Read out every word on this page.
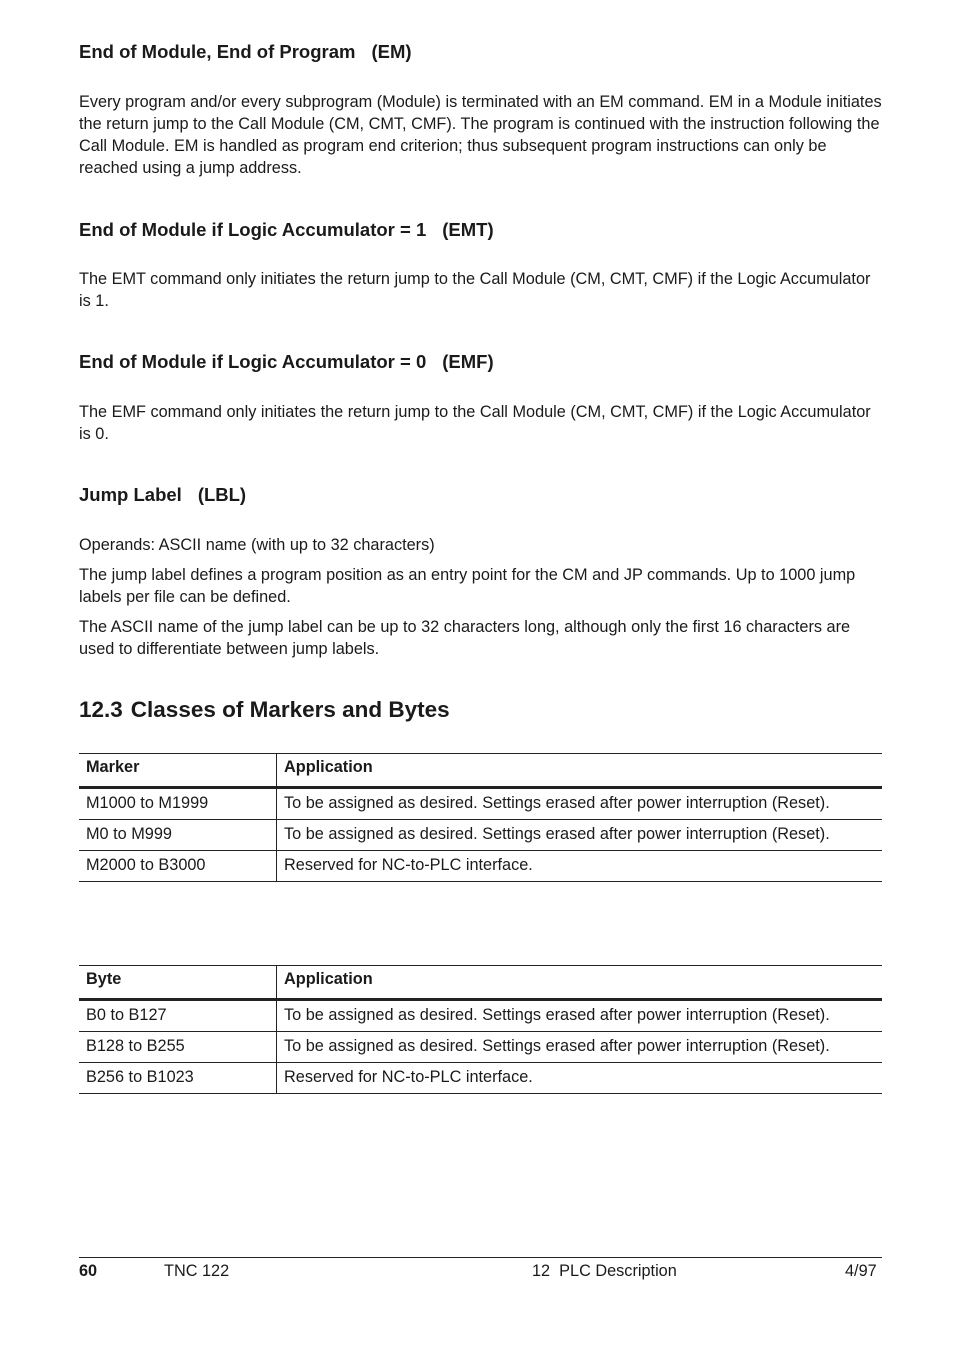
End of Module, End of Program (EM)

Every program and/or every subprogram (Module) is terminated with an EM command. EM in a Module initiates the return jump to the Call Module (CM, CMT, CMF). The program is continued with the instruction following the Call Module. EM is handled as program end criterion; thus subsequent program instructions can only be reached using a jump address.

End of Module if Logic Accumulator = 1 (EMT)

The EMT command only initiates the return jump to the Call Module (CM, CMT, CMF) if the Logic Accumulator is 1.

End of Module if Logic Accumulator = 0 (EMF)

The EMF command only initiates the return jump to the Call Module (CM, CMT, CMF) if the Logic Accumulator is 0.

Jump Label (LBL)

Operands: ASCII name (with up to 32 characters)

The jump label defines a program position as an entry point for the CM and JP commands. Up to 1000 jump labels per file can be defined.

The ASCII name of the jump label can be up to 32 characters long, although only the first 16 characters are used to differentiate between jump labels.

12.3 Classes of Markers and Bytes
Marker	Application
M1000 to M1999	To be assigned as desired. Settings erased after power interruption (Reset).
M0 to M999	To be assigned as desired. Settings erased after power interruption (Reset).
M2000 to B3000	Reserved for NC-to-PLC interface.
Byte	Application
B0 to B127	To be assigned as desired. Settings erased after power interruption (Reset).
B128 to B255	To be assigned as desired. Settings erased after power interruption (Reset).
B256 to B1023	Reserved for NC-to-PLC interface.
60	TNC 122	12  PLC Description	4/97
